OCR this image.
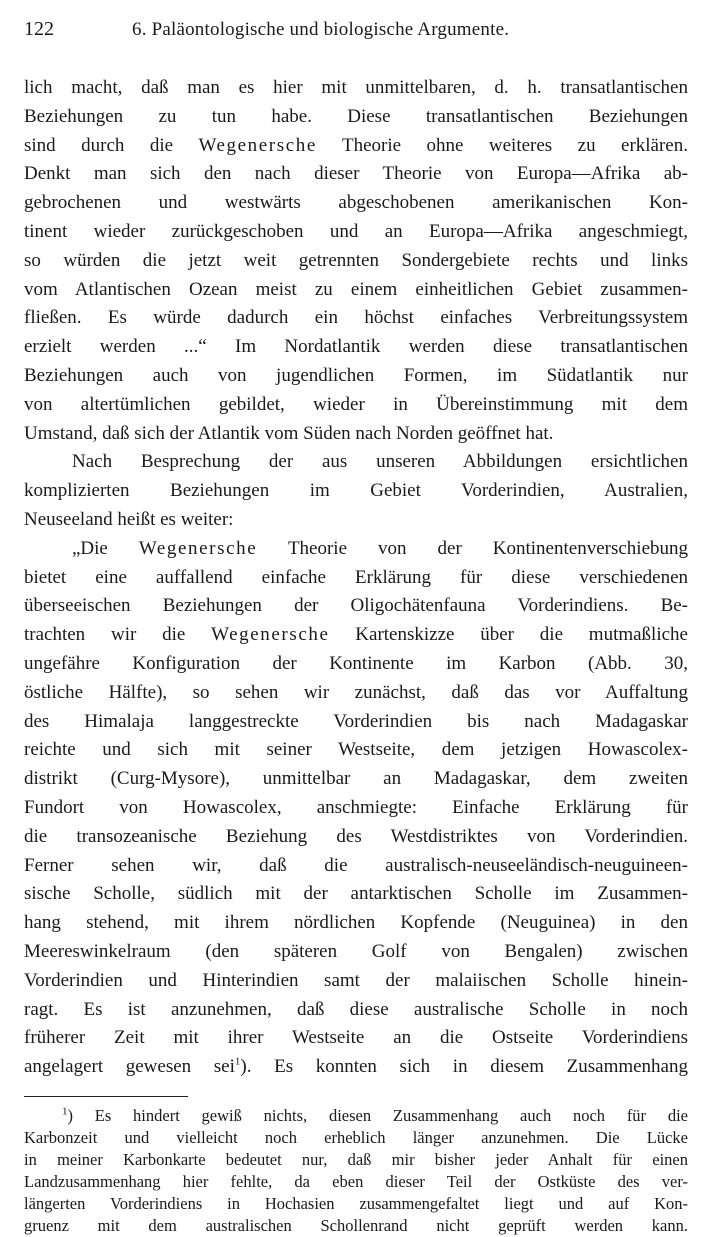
122	6. Paläontologische und biologische Argumente.
lich macht, daß man es hier mit unmittelbaren, d. h. transatlantischen
Beziehungen zu tun habe. Diese transatlantischen Beziehungen
sind durch die Wegenersche Theorie ohne weiteres zu erklären.
Denkt man sich den nach dieser Theorie von Europa—Afrika ab-
gebrochenen und westwärts abgeschobenen amerikanischen Kon-
tinent wieder zurückgeschoben und an Europa—Afrika angeschmiegt,
so würden die jetzt weit getrennten Sondergebiete rechts und links
vom Atlantischen Ozean meist zu einem einheitlichen Gebiet zusammen-
fließen. Es würde dadurch ein höchst einfaches Verbreitungssystem
erzielt werden ...“ Im Nordatlantik werden diese transatlantischen
Beziehungen auch von jugendlichen Formen, im Südatlantik nur
von altertümlichen gebildet, wieder in Übereinstimmung mit dem
Umstand, daß sich der Atlantik vom Süden nach Norden geöffnet hat.
Nach Besprechung der aus unseren Abbildungen ersichtlichen
komplizierten Beziehungen im Gebiet Vorderindien, Australien,
Neuseeland heißt es weiter:
„Die Wegenersche Theorie von der Kontinentenverschiebung
bietet eine auffallend einfache Erklärung für diese verschiedenen
überseeischen Beziehungen der Oligochätenfauna Vorderindiens. Be-
trachten wir die Wegenersche Kartenskizze über die mutmaßliche
ungefähre Konfiguration der Kontinente im Karbon (Abb. 30,
östliche Hälfte), so sehen wir zunächst, daß das vor Auffaltung
des Himalaja langgestreckte Vorderindien bis nach Madagaskar
reichte und sich mit seiner Westseite, dem jetzigen Howascolex-
distrikt (Curg-Mysore), unmittelbar an Madagaskar, dem zweiten
Fundort von Howascolex, anschmiegte: Einfache Erklärung für
die transozeanische Beziehung des Westdistriktes von Vorderindien.
Ferner sehen wir, daß die australisch-neuseeländisch-neuguineen-
sische Scholle, südlich mit der antarktischen Scholle im Zusammen-
hang stehend, mit ihrem nördlichen Kopfende (Neuguinea) in den
Meereswinkelraum (den späteren Golf von Bengalen) zwischen
Vorderindien und Hinterindien samt der malaiischen Scholle hinein-
ragt. Es ist anzunehmen, daß diese australische Scholle in noch
früherer Zeit mit ihrer Westseite an die Ostseite Vorderindiens
angelagert gewesen sei$^1$). Es konnten sich in diesem Zusammenhang
$^1$) Es hindert gewiß nichts, diesen Zusammenhang auch noch für die
Karbonzeit und vielleicht noch erheblich länger anzunehmen. Die Lücke
in meiner Karbonkarte bedeutet nur, daß mir bisher jeder Anhalt für einen
Landzusammenhang hier fehlte, da eben dieser Teil der Ostküste des ver-
längerten Vorderindiens in Hochasien zusammengefaltet liegt und auf Kon-
gruenz mit dem australischen Schollenrand nicht geprüft werden kann.
